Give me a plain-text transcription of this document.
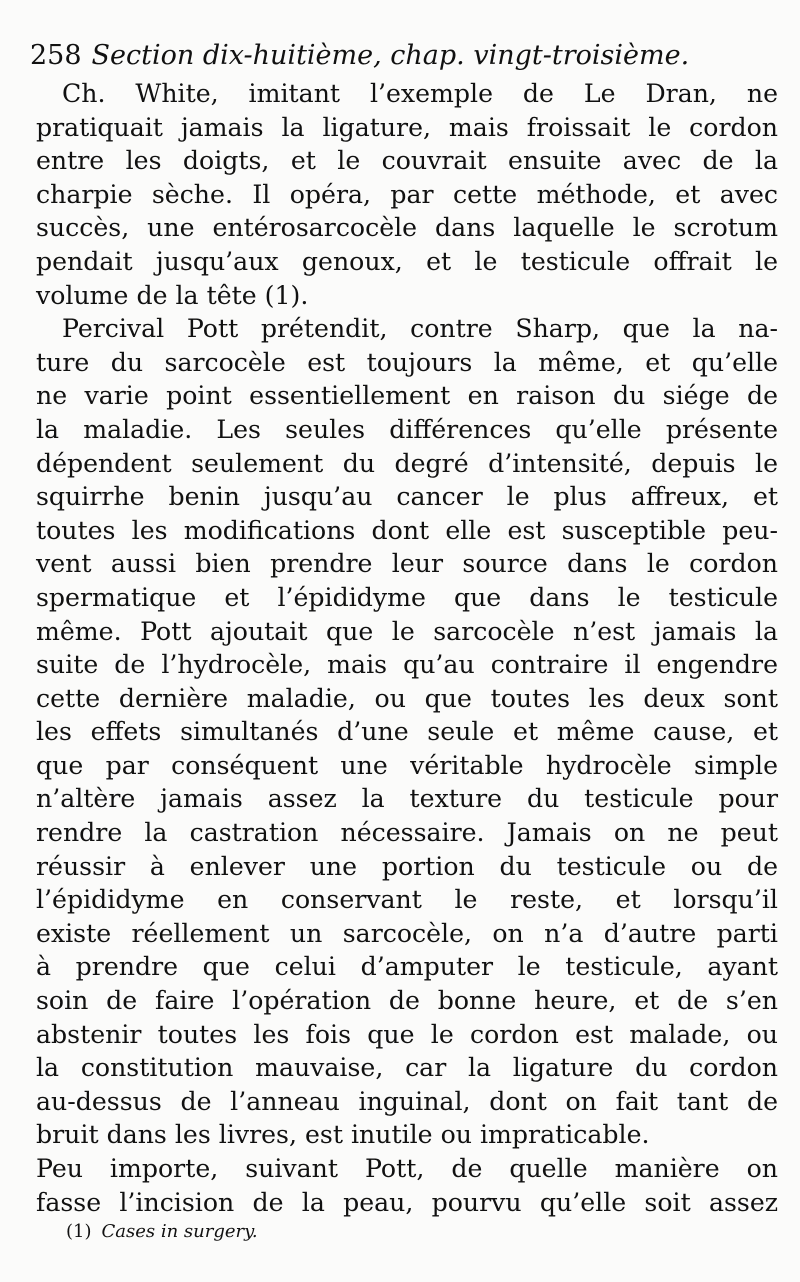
258 Section dix-huitième, chap. vingt-troisième.
Ch. White, imitant l’exemple de Le Dran, ne
pratiquait jamais la ligature, mais froissait le cordon
entre les doigts, et le couvrait ensuite avec de la
charpie sèche. Il opéra, par cette méthode, et avec
succès, une entérosarcocèle dans laquelle le scrotum
pendait jusqu’aux genoux, et le testicule offrait le
volume de la tête (1).
Percival Pott prétendit, contre Sharp, que la na-
ture du sarcocèle est toujours la même, et qu’elle
ne varie point essentiellement en raison du siége de
la maladie. Les seules différences qu’elle présente
dépendent seulement du degré d’intensité, depuis le
squirrhe benin jusqu’au cancer le plus affreux, et
toutes les modifications dont elle est susceptible peu-
vent aussi bien prendre leur source dans le cordon
spermatique et l’épididyme que dans le testicule
même. Pott ajoutait que le sarcocèle n’est jamais la
suite de l’hydrocèle, mais qu’au contraire il engendre
cette dernière maladie, ou que toutes les deux sont
les effets simultanés d’une seule et même cause, et
que par conséquent une véritable hydrocèle simple
n’altère jamais assez la texture du testicule pour
rendre la castration nécessaire. Jamais on ne peut
réussir à enlever une portion du testicule ou de
l’épididyme en conservant le reste, et lorsqu’il
existe réellement un sarcocèle, on n’a d’autre parti
à prendre que celui d’amputer le testicule, ayant
soin de faire l’opération de bonne heure, et de s’en
abstenir toutes les fois que le cordon est malade, ou
la constitution mauvaise, car la ligature du cordon
au-dessus de l’anneau inguinal, dont on fait tant de
bruit dans les livres, est inutile ou impraticable.
Peu importe, suivant Pott, de quelle manière on
fasse l’incision de la peau, pourvu qu’elle soit assez
(1) Cases in surgery.
